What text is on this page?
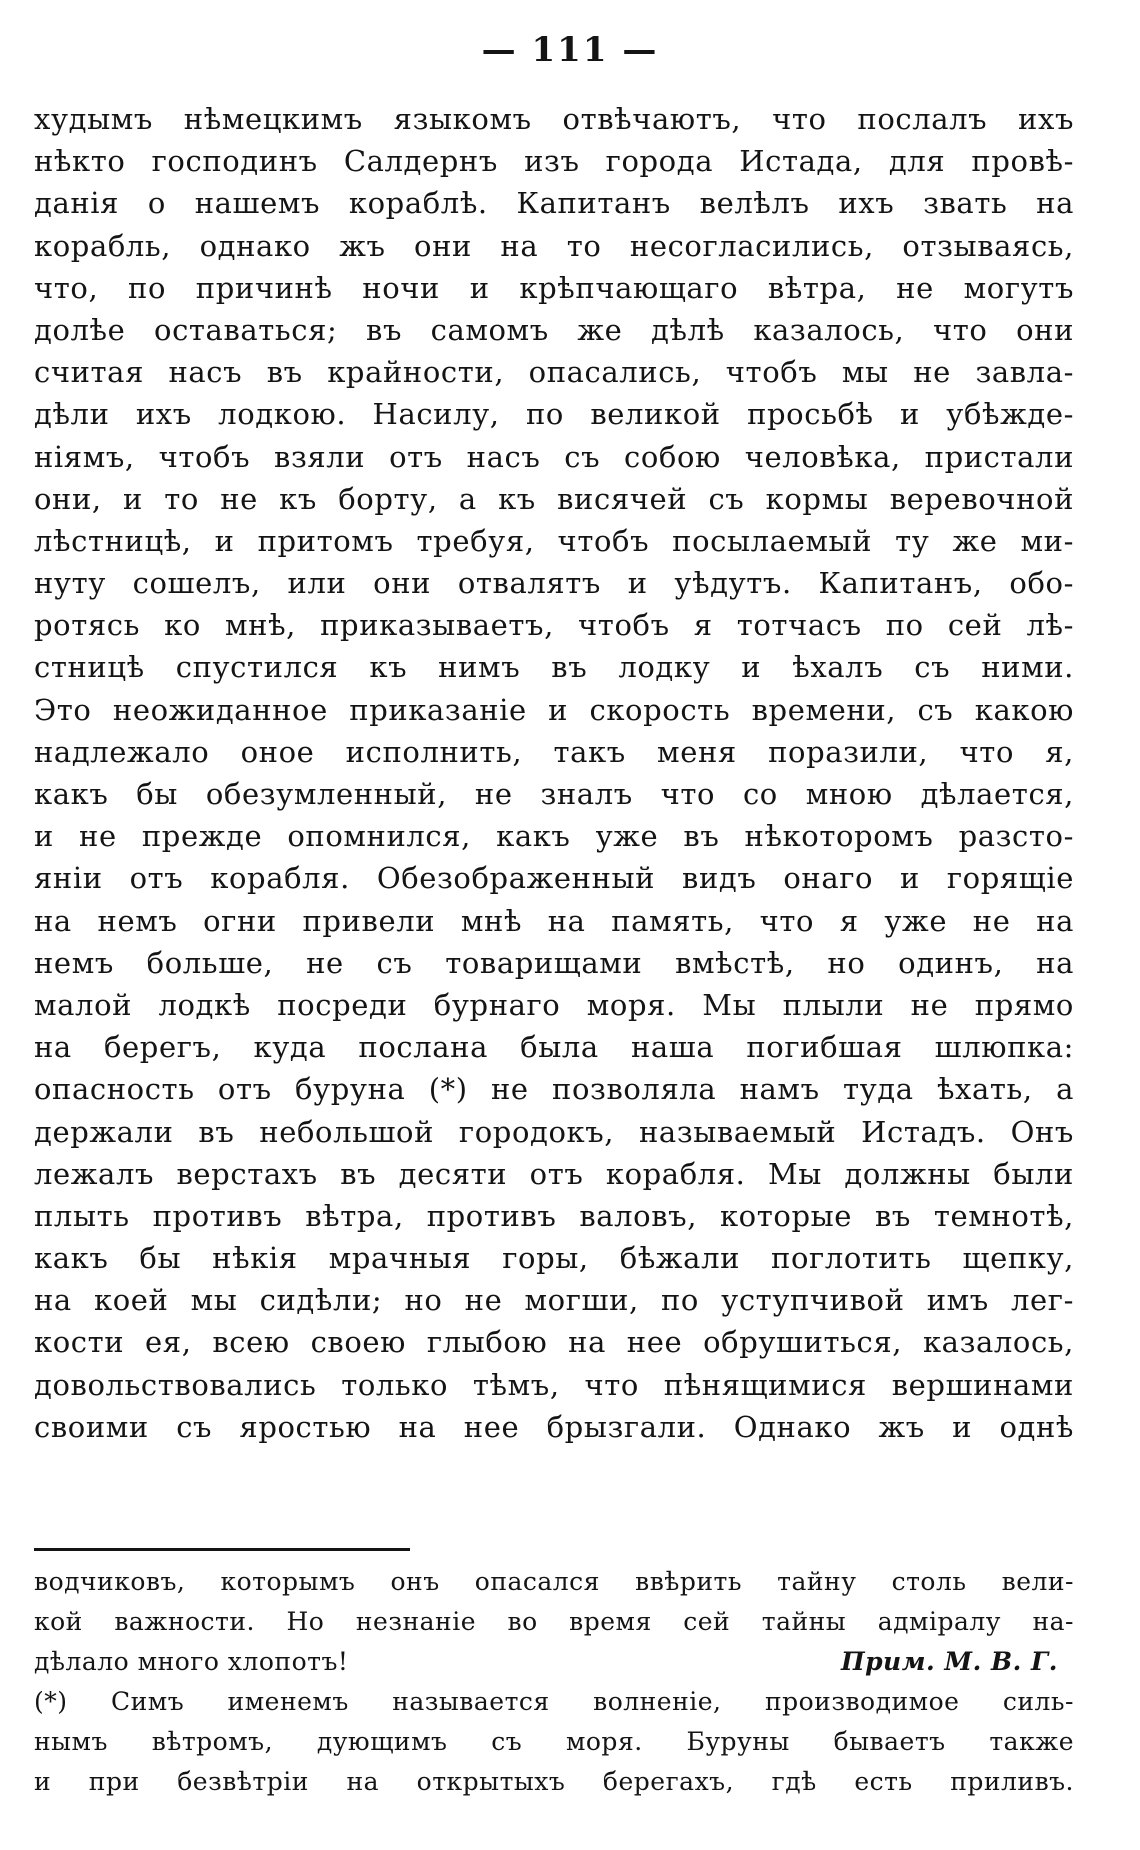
— 111 —
худымъ нѣмецкимъ языкомъ отвѣчаютъ, что послалъ ихъ
нѣкто господинъ Салдернъ изъ города Истада, для провѣ-
данія о нашемъ кораблѣ. Капитанъ велѣлъ ихъ звать на
корабль, однако жъ они на то несогласились, отзываясь,
что, по причинѣ ночи и крѣпчающаго вѣтра, не могутъ
долѣе оставаться; въ самомъ же дѣлѣ казалось, что они
считая насъ въ крайности, опасались, чтобъ мы не завла-
дѣли ихъ лодкою. Насилу, по великой просьбѣ и убѣжде-
ніямъ, чтобъ взяли отъ насъ съ собою человѣка, пристали
они, и то не къ борту, а къ висячей съ кормы веревочной
лѣстницѣ, и притомъ требуя, чтобъ посылаемый ту же ми-
нуту сошелъ, или они отвалятъ и уѣдутъ. Капитанъ, обо-
ротясь ко мнѣ, приказываетъ, чтобъ я тотчасъ по сей лѣ-
стницѣ спустился къ нимъ въ лодку и ѣхалъ съ ними.
Это неожиданное приказаніе и скорость времени, съ какою
надлежало оное исполнить, такъ меня поразили, что я,
какъ бы обезумленный, не зналъ что со мною дѣлается,
и не прежде опомнился, какъ уже въ нѣкоторомъ разсто-
яніи отъ корабля. Обезображенный видъ онаго и горящіе
на немъ огни привели мнѣ на память, что я уже не на
немъ больше, не съ товарищами вмѣстѣ, но одинъ, на
малой лодкѣ посреди бурнаго моря. Мы плыли не прямо
на берегъ, куда послана была наша погибшая шлюпка:
опасность отъ буруна (*) не позволяла намъ туда ѣхать, а
держали въ небольшой городокъ, называемый Истадъ. Онъ
лежалъ верстахъ въ десяти отъ корабля. Мы должны были
плыть противъ вѣтра, противъ валовъ, которые въ темнотѣ,
какъ бы нѣкія мрачныя горы, бѣжали поглотить щепку,
на коей мы сидѣли; но не могши, по уступчивой имъ лег-
кости ея, всею своею глыбою на нее обрушиться, казалось,
довольствовались только тѣмъ, что пѣнящимися вершинами
своими съ яростью на нее брызгали. Однако жъ и однѣ
водчиковъ, которымъ онъ опасался ввѣрить тайну столь вели-
кой важности. Но незнаніе во время сей тайны адміралу на-
дѣлало много хлопотъ!	Прим. М. В. Г.
(*) Симъ именемъ называется волненіе, производимое силь-
нымъ вѣтромъ, дующимъ съ моря. Буруны бываетъ также
и при безвѣтріи на открытыхъ берегахъ, гдѣ есть приливъ.
